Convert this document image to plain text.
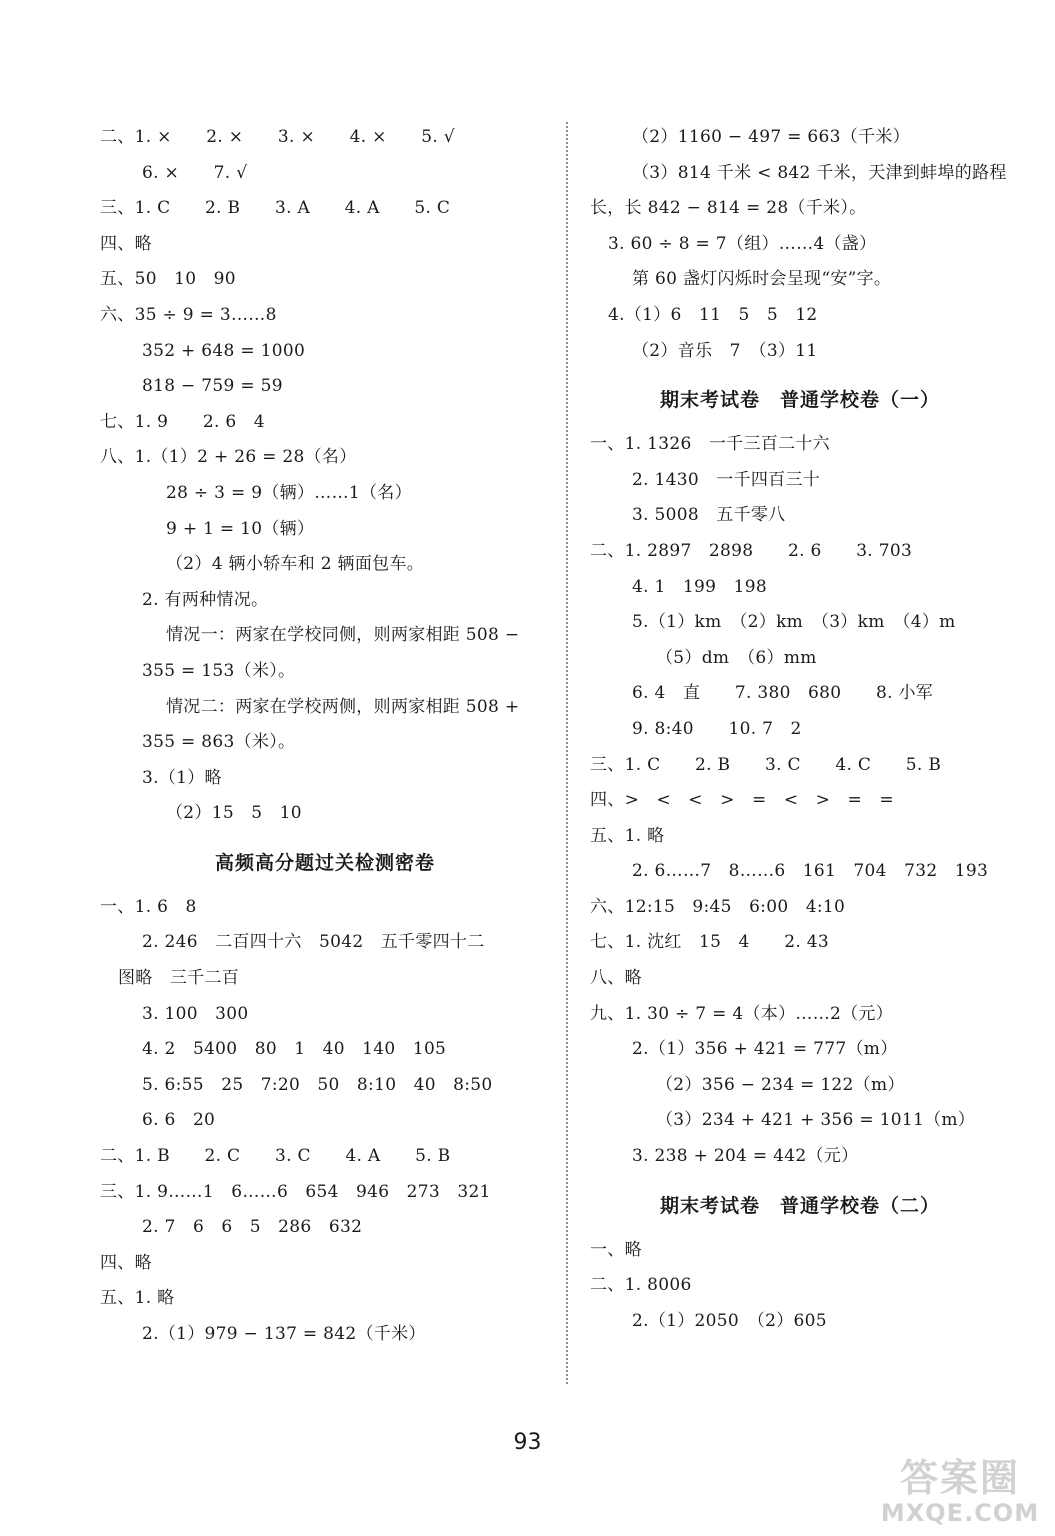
二、1. ×　　2. ×　　3. ×　　4. ×　　5. √
6. ×　　7. √
三、1. C　　2. B　　3. A　　4. A　　5. C
四、略
五、50　10　90
六、35 ÷ 9 = 3……8
352 + 648 = 1000
818 − 759 = 59
七、1. 9　　2. 6　4
八、1.（1）2 + 26 = 28（名）
28 ÷ 3 = 9（辆）……1（名）
9 + 1 = 10（辆）
（2）4 辆小轿车和 2 辆面包车。
2. 有两种情况。
情况一：两家在学校同侧，则两家相距 508 −
355 = 153（米）。
情况二：两家在学校两侧，则两家相距 508 +
355 = 863（米）。
3.（1）略
（2）15　5　10
高频高分题过关检测密卷
一、1. 6　8
2. 246　二百四十六　5042　五千零四十二
图略　三千二百
3. 100　300
4. 2　5400　80　1　40　140　105
5. 6:55　25　7:20　50　8:10　40　8:50
6. 6　20
二、1. B　　2. C　　3. C　　4. A　　5. B
三、1. 9……1　6……6　654　946　273　321
2. 7　6　6　5　286　632
四、略
五、1. 略
2.（1）979 − 137 = 842（千米）
（2）1160 − 497 = 663（千米）
（3）814 千米 < 842 千米，天津到蚌埠的路程
长，长 842 − 814 = 28（千米）。
3. 60 ÷ 8 = 7（组）……4（盏）
第 60 盏灯闪烁时会呈现“安”字。
4.（1）6　11　5　5　12
（2）音乐　7　（3）11
期末考试卷　普通学校卷（一）
一、1. 1326　一千三百二十六
2. 1430　一千四百三十
3. 5008　五千零八
二、1. 2897　2898　　2. 6　　3. 703
4. 1　199　198
5.（1）km　（2）km　（3）km　（4）m
（5）dm　（6）mm
6. 4　直　　7. 380　680　　8. 小军
9. 8:40　　10. 7　2
三、1. C　　2. B　　3. C　　4. C　　5. B
四、>　<　<　>　=　<　>　=　=
五、1. 略
2. 6……7　8……6　161　704　732　193
六、12:15　9:45　6:00　4:10
七、1. 沈红　15　4　　2. 43
八、略
九、1. 30 ÷ 7 = 4（本）……2（元）
2.（1）356 + 421 = 777（m）
（2）356 − 234 = 122（m）
（3）234 + 421 + 356 = 1011（m）
3. 238 + 204 = 442（元）
期末考试卷　普通学校卷（二）
一、略
二、1. 8006
2.（1）2050　（2）605
93
答案圈
MXQE.COM
